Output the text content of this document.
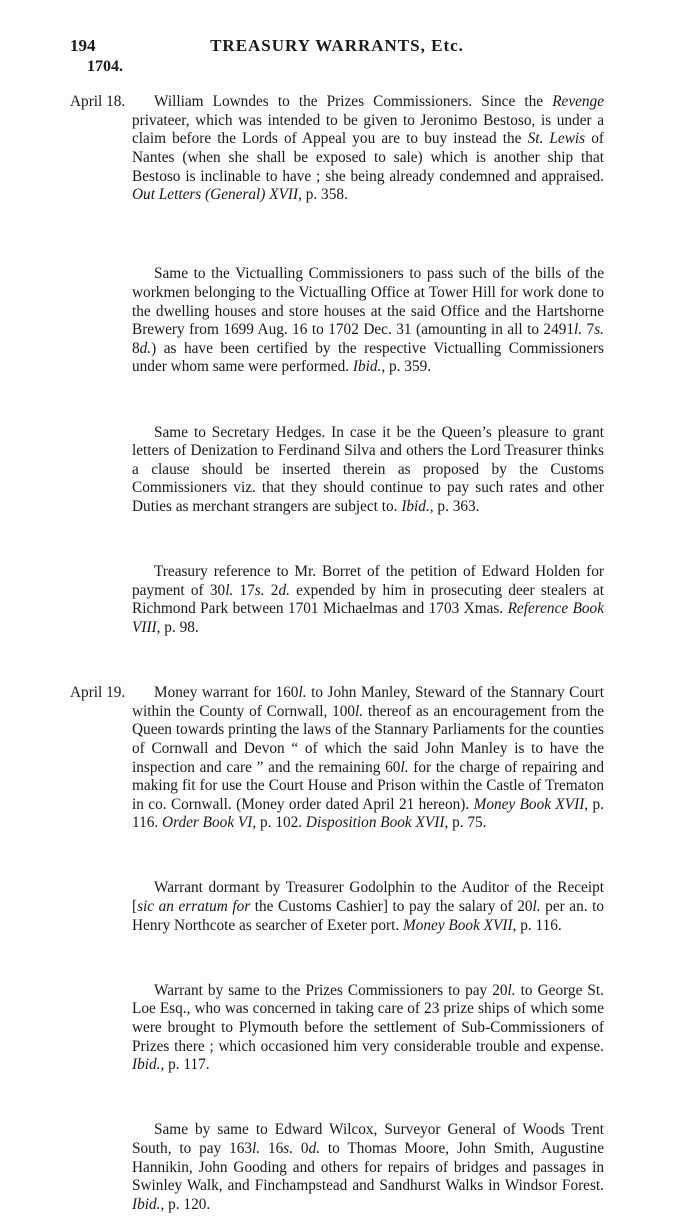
194	TREASURY WARRANTS, Etc.
1704.
April 18.	William Lowndes to the Prizes Commissioners. Since the Revenge privateer, which was intended to be given to Jeronimo Bestoso, is under a claim before the Lords of Appeal you are to buy instead the St. Lewis of Nantes (when she shall be exposed to sale) which is another ship that Bestoso is inclinable to have ; she being already condemned and appraised. Out Letters (General) XVII, p. 358.

Same to the Victualling Commissioners to pass such of the bills of the workmen belonging to the Victualling Office at Tower Hill for work done to the dwelling houses and store houses at the said Office and the Hartshorne Brewery from 1699 Aug. 16 to 1702 Dec. 31 (amounting in all to 2491l. 7s. 8d.) as have been certified by the respective Victualling Commissioners under whom same were performed. Ibid., p. 359.

Same to Secretary Hedges. In case it be the Queen’s pleasure to grant letters of Denization to Ferdinand Silva and others the Lord Treasurer thinks a clause should be inserted therein as proposed by the Customs Commissioners viz. that they should continue to pay such rates and other Duties as merchant strangers are subject to. Ibid., p. 363.

Treasury reference to Mr. Borret of the petition of Edward Holden for payment of 30l. 17s. 2d. expended by him in prosecuting deer stealers at Richmond Park between 1701 Michaelmas and 1703 Xmas. Reference Book VIII, p. 98.

April 19.	Money warrant for 160l. to John Manley, Steward of the Stannary Court within the County of Cornwall, 100l. thereof as an encouragement from the Queen towards printing the laws of the Stannary Parliaments for the counties of Cornwall and Devon “ of which the said John Manley is to have the inspection and care ” and the remaining 60l. for the charge of repairing and making fit for use the Court House and Prison within the Castle of Trematon in co. Cornwall. (Money order dated April 21 hereon). Money Book XVII, p. 116. Order Book VI, p. 102. Disposition Book XVII, p. 75.

Warrant dormant by Treasurer Godolphin to the Auditor of the Receipt [sic an erratum for the Customs Cashier] to pay the salary of 20l. per an. to Henry Northcote as searcher of Exeter port. Money Book XVII, p. 116.

Warrant by same to the Prizes Commissioners to pay 20l. to George St. Loe Esq., who was concerned in taking care of 23 prize ships of which some were brought to Plymouth before the settlement of Sub-Commissioners of Prizes there ; which occasioned him very considerable trouble and expense. Ibid., p. 117.

Same by same to Edward Wilcox, Surveyor General of Woods Trent South, to pay 163l. 16s. 0d. to Thomas Moore, John Smith, Augustine Hannikin, John Gooding and others for repairs of bridges and passages in Swinley Walk, and Finchampstead and Sandhurst Walks in Windsor Forest. Ibid., p. 120.
